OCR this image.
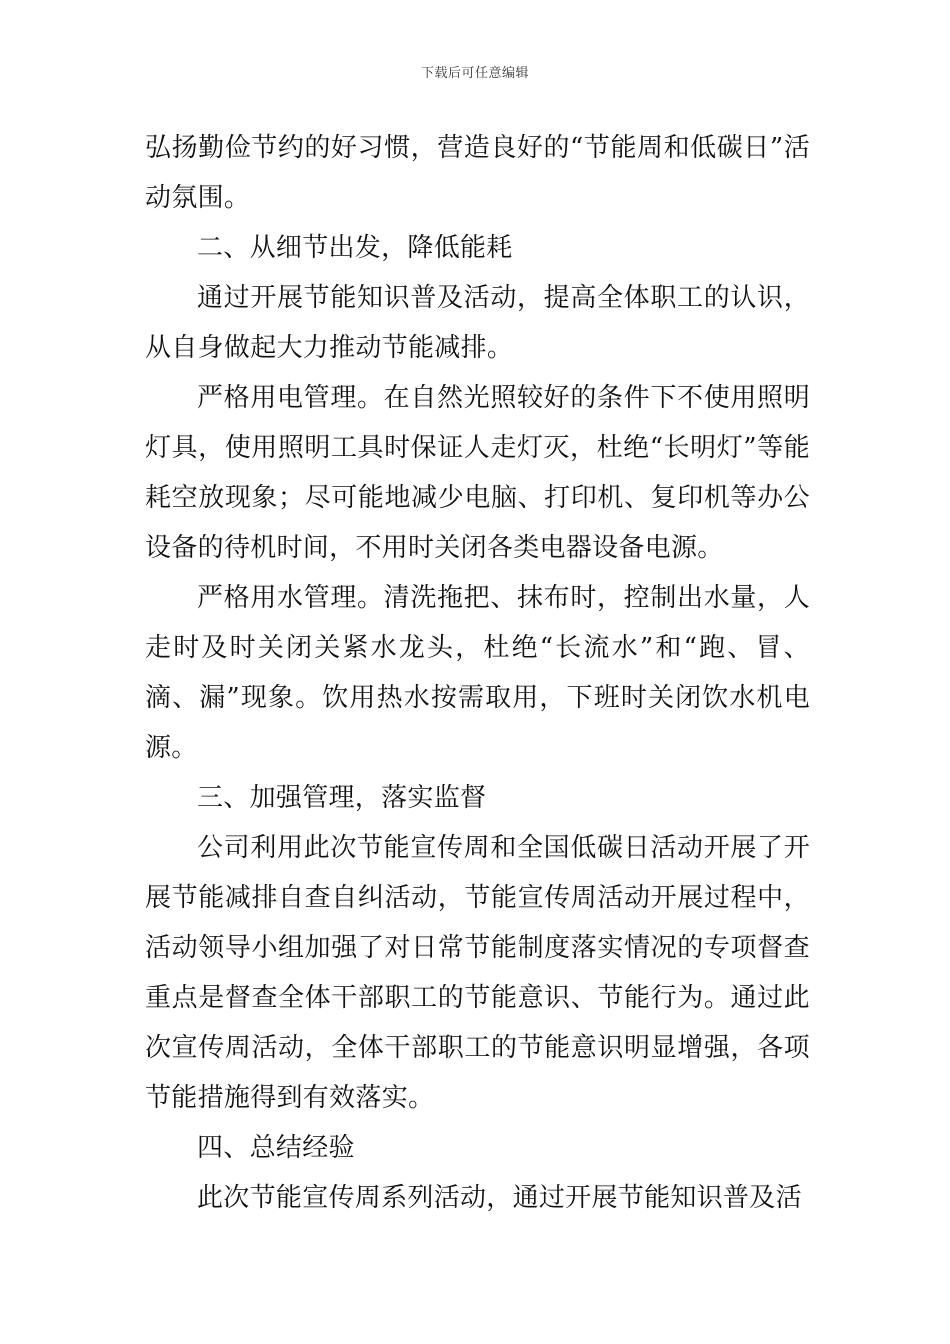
下载后可任意编辑

弘扬勤俭节约的好习惯，营造良好的“节能周和低碳日”活动氛围。

二、从细节出发，降低能耗

通过开展节能知识普及活动，提高全体职工的认识，从自身做起大力推动节能减排。

严格用电管理。在自然光照较好的条件下不使用照明灯具，使用照明工具时保证人走灯灭，杜绝“长明灯”等能耗空放现象；尽可能地减少电脑、打印机、复印机等办公设备的待机时间，不用时关闭各类电器设备电源。

严格用水管理。清洗拖把、抹布时，控制出水量，人走时及时关闭关紧水龙头，杜绝“长流水”和“跑、冒、滴、漏”现象。饮用热水按需取用，下班时关闭饮水机电源。

三、加强管理，落实监督

公司利用此次节能宣传周和全国低碳日活动开展了开展节能减排自查自纠活动，节能宣传周活动开展过程中，活动领导小组加强了对日常节能制度落实情况的专项督查重点是督查全体干部职工的节能意识、节能行为。通过此次宣传周活动，全体干部职工的节能意识明显增强，各项节能措施得到有效落实。

四、总结经验

此次节能宣传周系列活动，通过开展节能知识普及活
